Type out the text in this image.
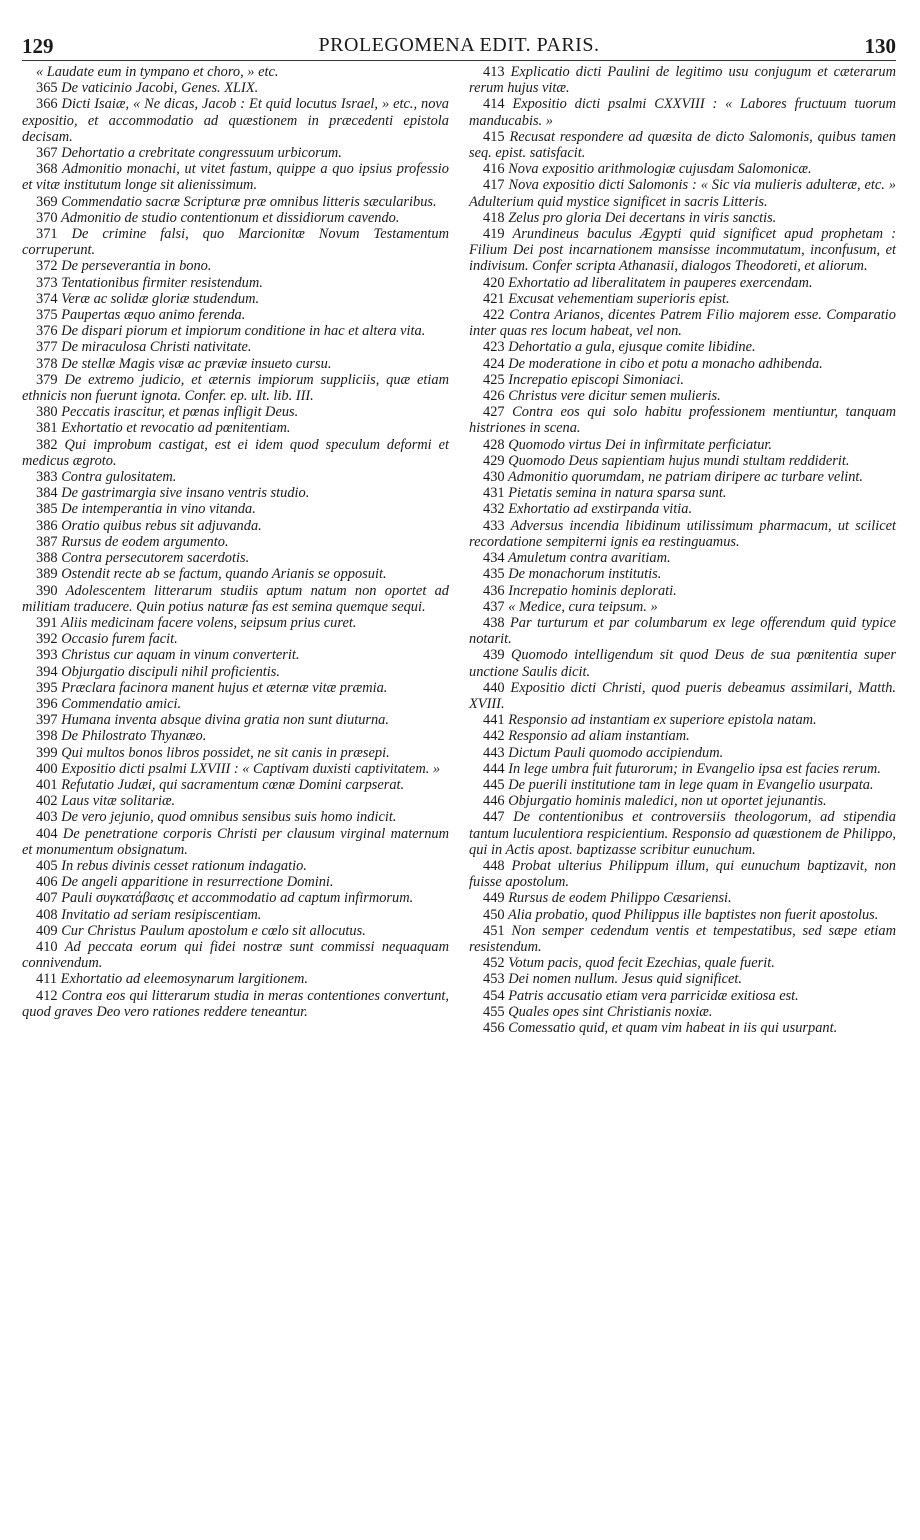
129	PROLEGOMENA EDIT. PARIS.	130

« Laudate eum in tympano et choro, » etc.

365 De vaticinio Jacobi, Genes. XLIX.

366 Dicti Isaiæ, « Ne dicas, Jacob : Et quid locutus Israel, » etc., nova expositio, et accommodatio ad quæstionem in præcedenti epistola decisam.

367 Dehortatio a crebritate congressuum urbicorum.

368 Admonitio monachi, ut vitet fastum, quippe a quo ipsius professio et vitæ institutum longe sit alienissimum.

369 Commendatio sacræ Scripturæ præ omnibus litteris sæcularibus.

370 Admonitio de studio contentionum et dissidiorum cavendo.

371 De crimine falsi, quo Marcionitæ Novum Testamentum corruperunt.

372 De perseverantia in bono.

373 Tentationibus firmiter resistendum.

374 Veræ ac solidæ gloriæ studendum.

375 Paupertas æquo animo ferenda.

376 De dispari piorum et impiorum conditione in hac et altera vita.

377 De miraculosa Christi nativitate.

378 De stellæ Magis visæ ac præviæ insueto cursu.

379 De extremo judicio, et æternis impiorum suppliciis, quæ etiam ethnicis non fuerunt ignota. Confer. ep. ult. lib. III.

380 Peccatis irascitur, et pœnas infligit Deus.

381 Exhortatio et revocatio ad pœnitentiam.

382 Qui improbum castigat, est ei idem quod speculum deformi et medicus ægroto.

383 Contra gulositatem.

384 De gastrimargia sive insano ventris studio.

385 De intemperantia in vino vitanda.

386 Oratio quibus rebus sit adjuvanda.

387 Rursus de eodem argumento.

388 Contra persecutorem sacerdotis.

389 Ostendit recte ab se factum, quando Arianis se opposuit.

390 Adolescentem litterarum studiis aptum natum non oportet ad militiam traducere. Quin potius naturæ fas est semina quemque sequi.

391 Aliis medicinam facere volens, seipsum prius curet.

392 Occasio furem facit.

393 Christus cur aquam in vinum converterit.

394 Objurgatio discipuli nihil proficientis.

395 Præclara facinora manent hujus et æternæ vitæ præmia.

396 Commendatio amici.

397 Humana inventa absque divina gratia non sunt diuturna.

398 De Philostrato Thyanæo.

399 Qui multos bonos libros possidet, ne sit canis in præsepi.

400 Expositio dicti psalmi LXVIII : « Captivam duxisti captivitatem. »

401 Refutatio Judæi, qui sacramentum cœnæ Domini carpserat.

402 Laus vitæ solitariæ.

403 De vero jejunio, quod omnibus sensibus suis homo indicit.

404 De penetratione corporis Christi per clausum virginal maternum et monumentum obsignatum.

405 In rebus divinis cesset rationum indagatio.

406 De angeli apparitione in resurrectione Domini.

407 Pauli συγκατάβασις et accommodatio ad captum infirmorum.

408 Invitatio ad seriam resipiscentiam.

409 Cur Christus Paulum apostolum e cœlo sit allocutus.

410 Ad peccata eorum qui fidei nostræ sunt commissi nequaquam connivendum.

411 Exhortatio ad eleemosynarum largitionem.

412 Contra eos qui litterarum studia in meras contentiones convertunt, quod graves Deo vero rationes reddere teneantur.

413 Explicatio dicti Paulini de legitimo usu conjugum et cæterarum rerum hujus vitæ.

414 Expositio dicti psalmi CXXVIII : « Labores fructuum tuorum manducabis. »

415 Recusat respondere ad quæsita de dicto Salomonis, quibus tamen seq. epist. satisfacit.

416 Nova expositio arithmologiæ cujusdam Salomonicæ.

417 Nova expositio dicti Salomonis : « Sic via mulieris adulteræ, etc. » Adulterium quid mystice significet in sacris Litteris.

418 Zelus pro gloria Dei decertans in viris sanctis.

419 Arundineus baculus Ægypti quid significet apud prophetam : Filium Dei post incarnationem mansisse incommutatum, inconfusum, et indivisum. Confer scripta Athanasii, dialogos Theodoreti, et aliorum.

420 Exhortatio ad liberalitatem in pauperes exercendam.

421 Excusat vehementiam superioris epist.

422 Contra Arianos, dicentes Patrem Filio majorem esse. Comparatio inter quas res locum habeat, vel non.

423 Dehortatio a gula, ejusque comite libidine.

424 De moderatione in cibo et potu a monacho adhibenda.

425 Increpatio episcopi Simoniaci.

426 Christus vere dicitur semen mulieris.

427 Contra eos qui solo habitu professionem mentiuntur, tanquam histriones in scena.

428 Quomodo virtus Dei in infirmitate perficiatur.

429 Quomodo Deus sapientiam hujus mundi stultam reddiderit.

430 Admonitio quorumdam, ne patriam diripere ac turbare velint.

431 Pietatis semina in natura sparsa sunt.

432 Exhortatio ad exstirpanda vitia.

433 Adversus incendia libidinum utilissimum pharmacum, ut scilicet recordatione sempiterni ignis ea restinguamus.

434 Amuletum contra avaritiam.

435 De monachorum institutis.

436 Increpatio hominis deplorati.

437 « Medice, cura teipsum. »

438 Par turturum et par columbarum ex lege offerendum quid typice notarit.

439 Quomodo intelligendum sit quod Deus de sua pœnitentia super unctione Saulis dicit.

440 Expositio dicti Christi, quod pueris debeamus assimilari, Matth. XVIII.

441 Responsio ad instantiam ex superiore epistola natam.

442 Responsio ad aliam instantiam.

443 Dictum Pauli quomodo accipiendum.

444 In lege umbra fuit futurorum; in Evangelio ipsa est facies rerum.

445 De puerili institutione tam in lege quam in Evangelio usurpata.

446 Objurgatio hominis maledici, non ut oportet jejunantis.

447 De contentionibus et controversiis theologorum, ad stipendia tantum luculentiora respicientium. Responsio ad quæstionem de Philippo, qui in Actis apost. baptizasse scribitur eunuchum.

448 Probat ulterius Philippum illum, qui eunuchum baptizavit, non fuisse apostolum.

449 Rursus de eodem Philippo Cæsariensi.

450 Alia probatio, quod Philippus ille baptistes non fuerit apostolus.

451 Non semper cedendum ventis et tempestatibus, sed sæpe etiam resistendum.

452 Votum pacis, quod fecit Ezechias, quale fuerit.

453 Dei nomen nullum. Jesus quid significet.

454 Patris accusatio etiam vera parricidæ exitiosa est.

455 Quales opes sint Christianis noxiæ.

456 Comessatio quid, et quam vim habeat in iis qui usurpant.
